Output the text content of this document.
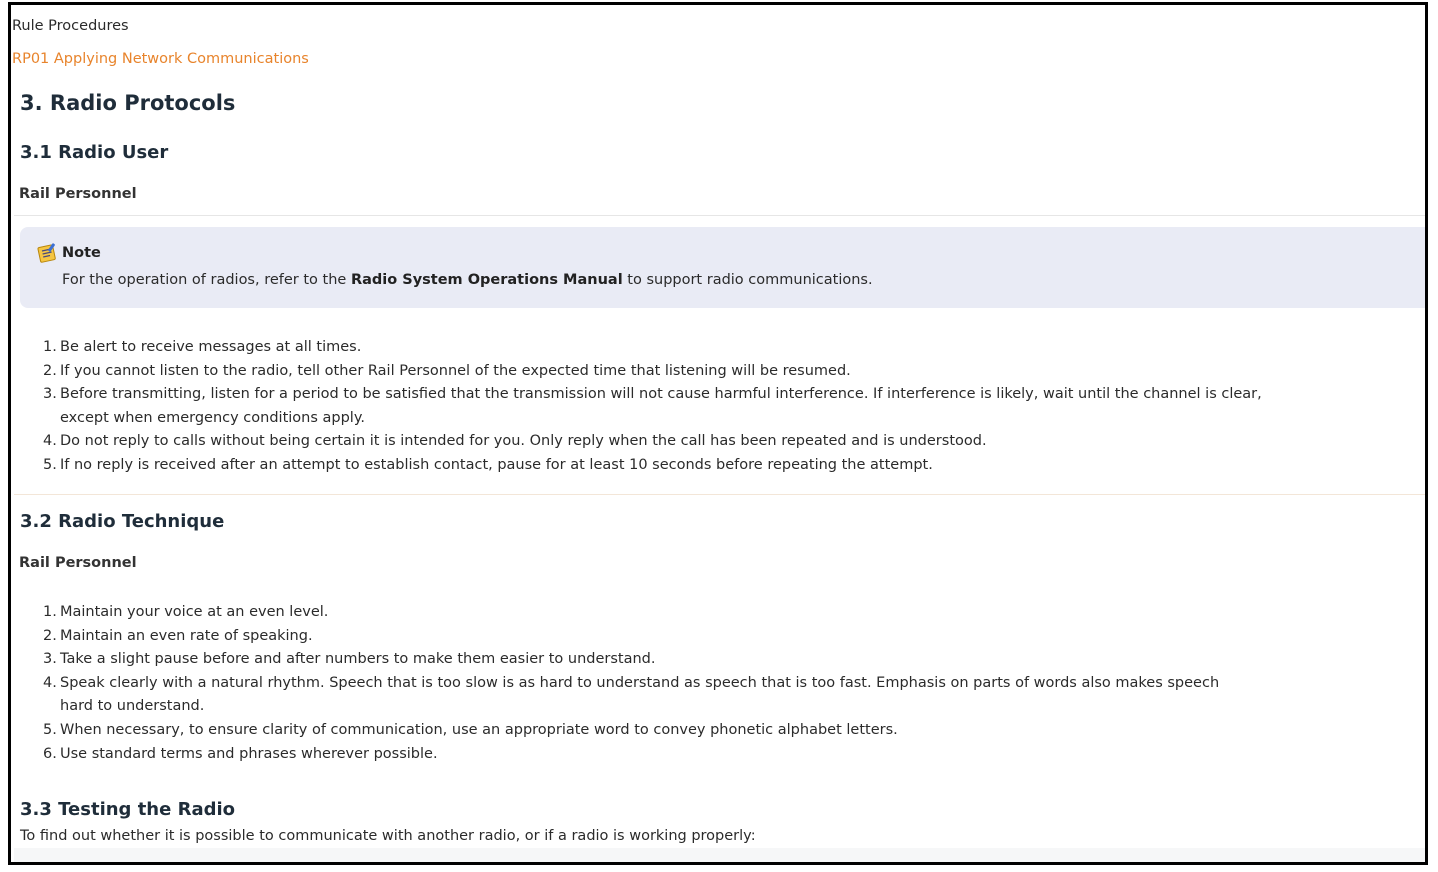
Rule Procedures
RP01 Applying Network Communications
3. Radio Protocols
3.1 Radio User
Rail Personnel
Note
For the operation of radios, refer to the Radio System Operations Manual to support radio communications.
1. Be alert to receive messages at all times.
2. If you cannot listen to the radio, tell other Rail Personnel of the expected time that listening will be resumed.
3. Before transmitting, listen for a period to be satisfied that the transmission will not cause harmful interference. If interference is likely, wait until the channel is clear, except when emergency conditions apply.
4. Do not reply to calls without being certain it is intended for you. Only reply when the call has been repeated and is understood.
5. If no reply is received after an attempt to establish contact, pause for at least 10 seconds before repeating the attempt.
3.2 Radio Technique
Rail Personnel
1. Maintain your voice at an even level.
2. Maintain an even rate of speaking.
3. Take a slight pause before and after numbers to make them easier to understand.
4. Speak clearly with a natural rhythm. Speech that is too slow is as hard to understand as speech that is too fast. Emphasis on parts of words also makes speech hard to understand.
5. When necessary, to ensure clarity of communication, use an appropriate word to convey phonetic alphabet letters.
6. Use standard terms and phrases wherever possible.
3.3 Testing the Radio
To find out whether it is possible to communicate with another radio, or if a radio is working properly:
